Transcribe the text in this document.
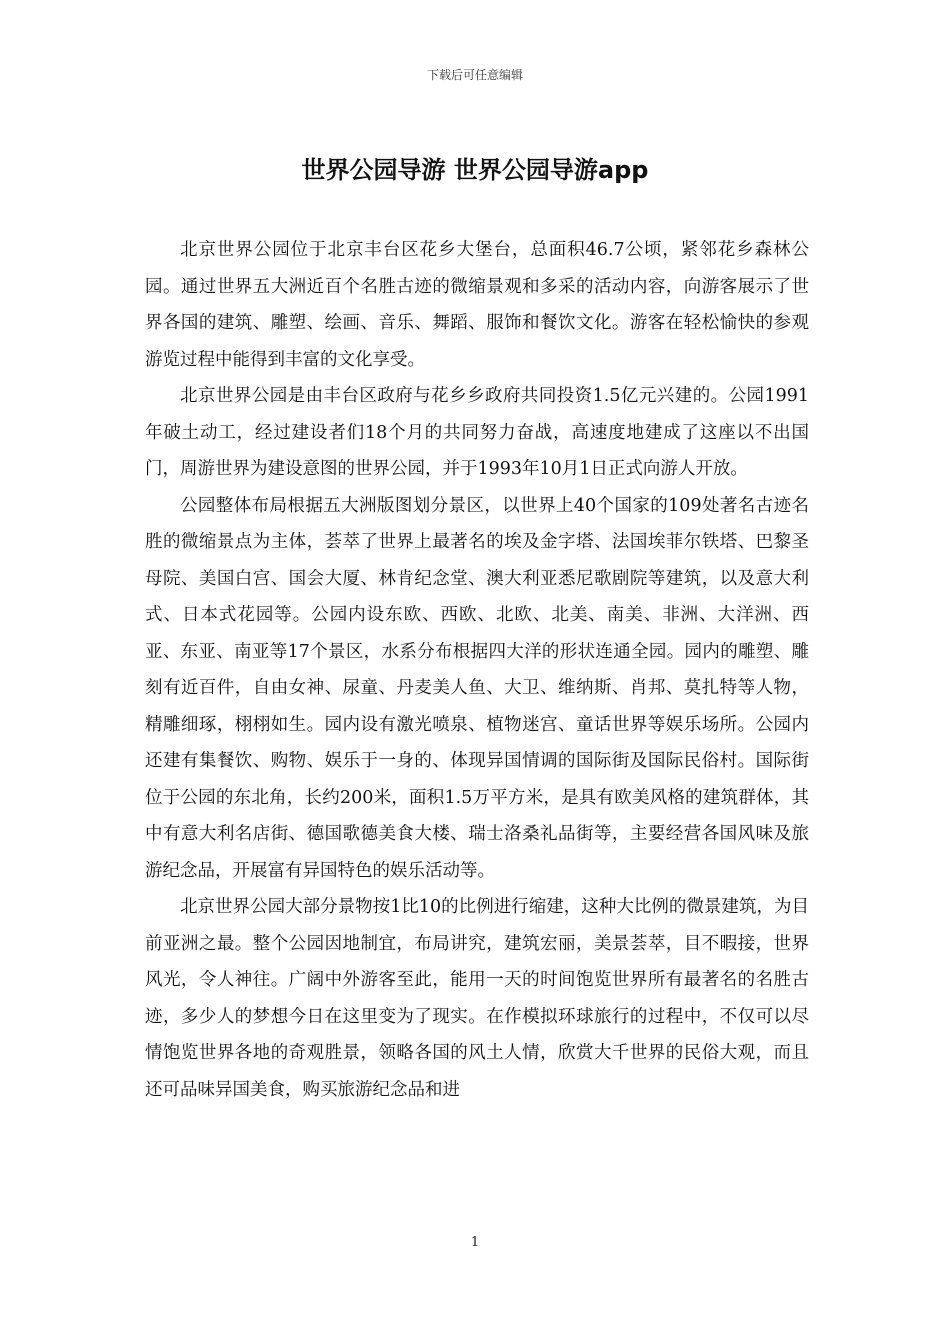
下载后可任意编辑
世界公园导游 世界公园导游app

北京世界公园位于北京丰台区花乡大堡台，总面积46.7公顷，紧邻花乡森林公园。通过世界五大洲近百个名胜古迹的微缩景观和多采的活动内容，向游客展示了世界各国的建筑、雕塑、绘画、音乐、舞蹈、服饰和餐饮文化。游客在轻松愉快的参观游览过程中能得到丰富的文化享受。

北京世界公园是由丰台区政府与花乡乡政府共同投资1.5亿元兴建的。公园1991年破土动工，经过建设者们18个月的共同努力奋战，高速度地建成了这座以不出国门，周游世界为建设意图的世界公园，并于1993年10月1日正式向游人开放。

公园整体布局根据五大洲版图划分景区，以世界上40个国家的109处著名古迹名胜的微缩景点为主体，荟萃了世界上最著名的埃及金字塔、法国埃菲尔铁塔、巴黎圣母院、美国白宫、国会大厦、林肯纪念堂、澳大利亚悉尼歌剧院等建筑，以及意大利式、日本式花园等。公园内设东欧、西欧、北欧、北美、南美、非洲、大洋洲、西亚、东亚、南亚等17个景区，水系分布根据四大洋的形状连通全园。园内的雕塑、雕刻有近百件，自由女神、尿童、丹麦美人鱼、大卫、维纳斯、肖邦、莫扎特等人物，精雕细琢，栩栩如生。园内设有激光喷泉、植物迷宫、童话世界等娱乐场所。公园内还建有集餐饮、购物、娱乐于一身的、体现异国情调的国际街及国际民俗村。国际街位于公园的东北角，长约200米，面积1.5万平方米，是具有欧美风格的建筑群体，其中有意大利名店街、德国歌德美食大楼、瑞士洛桑礼品街等，主要经营各国风味及旅游纪念品，开展富有异国特色的娱乐活动等。

北京世界公园大部分景物按1比10的比例进行缩建，这种大比例的微景建筑，为目前亚洲之最。整个公园因地制宜，布局讲究，建筑宏丽，美景荟萃，目不暇接，世界风光，令人神往。广阔中外游客至此，能用一天的时间饱览世界所有最著名的名胜古迹，多少人的梦想今日在这里变为了现实。在作模拟环球旅行的过程中，不仅可以尽情饱览世界各地的奇观胜景，领略各国的风土人情，欣赏大千世界的民俗大观，而且还可品味异国美食，购买旅游纪念品和进

1
